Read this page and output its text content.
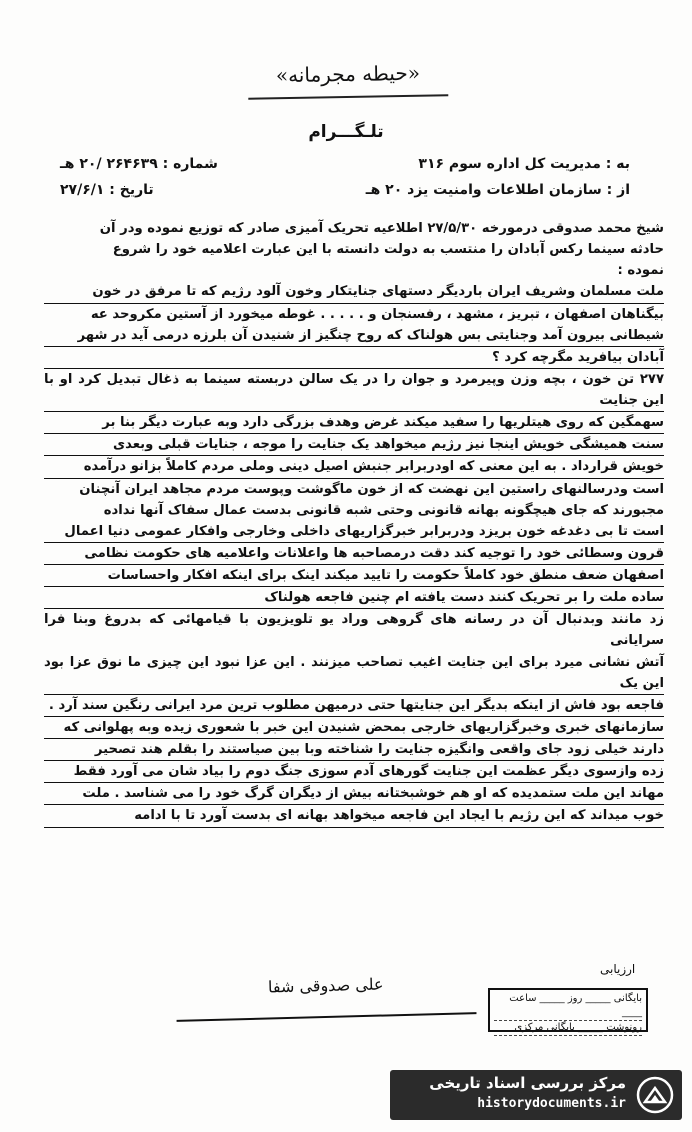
«حیطه مجرمانه»
تلـگـــرام
به : مدیریت کل اداره سوم ۳۱۶
شماره : ۲۶۴۶۳۹ /۲۰ هـ
از : سازمان اطلاعات وامنیت یزد ۲۰ هـ
تاریخ : ۲۷/۶/۱

شیخ محمد صدوقی درمورخه ۲۷/۵/۳۰ اطلاعیه تحریک آمیزی صادر که توزیع نموده ودر آن

حادثه سینما رکس آبادان را منتسب به دولت دانسته با این عبارت اعلامیه خود را شروع

نموده :

ملت مسلمان وشریف ایران باردیگر دستهای جنایتکار وخون آلود رژیم که تا مرفق در خون

بیگناهان اصفهان ، تبریز ، مشهد ، رفسنجان و . . . . . غوطه میخورد از آستین مکروحد عه

شیطانی بیرون آمد وجنایتی بس هولناک که روح چنگیز از شنیدن آن بلرزه درمی آید در شهر

آبادان بیافرید مگرچه کرد ؟

۲۷۷ تن خون ، بچه وزن وپیرمرد و جوان را در یک سالن دربسته سینما به ذغال تبدیل کرد او با این جنایت

سهمگین که روی هیتلریها را سفید میکند غرض وهدف بزرگی دارد وبه عبارت دیگر بنا بر

سنت همیشگی خویش اینجا نیز رژیم میخواهد یک جنایت را موجه ، جنایات قبلی وبعدی

خویش قرارداد . به این معنی که اودربرابر جنبش اصیل دینی وملی مردم کاملاً بزانو درآمده

است ودرسالنهای راستین این نهضت که از خون ماگوشت وپوست مردم مجاهد ایران آنچنان

مجبورند که جای هیچگونه بهانه قانونی وحتی شبه قانونی بدست عمال سفاک آنها نداده

است تا بی دغدغه خون بریزد ودربرابر خبرگزاریهای داخلی وخارجی وافکار عمومی دنیا اعمال

قرون وسطائی خود را توجیه کند دقت درمصاحبه ها واعلانات واعلامیه های حکومت نظامی

اصفهان ضعف منطق خود کاملاً حکومت را تایید میکند اینک برای اینکه افکار واحساسات

ساده ملت را بر تحریک کنند دست یافته ام چنین فاجعه هولناک

زد مانند وبدنبال آن در رسانه های گروهی وراد یو تلویزیون با قیامهائی که بدروغ وبنا فرا سرایانی

آتش نشانی میرد برای این جنایت اغیب تصاحب میزنند . این عزا نبود این چیزی ما نوق عزا بود این یک

فاجعه بود فاش از اینکه بدیگر این جنایتها حتی درمیهن مطلوب ترین مرد ایرانی رنگین سند آرد .

سازمانهای خبری وخبرگزاریهای خارجی بمحض شنیدن این خبر با شعوری زیده وبه پهلوانی که

دارند خیلی زود جای واقعی وانگیزه جنایت را شناخته وبا بین صیاستند را بقلم هند تصحیر

زده وازسوی دیگر عظمت این جنایت گورهای آدم سوزی جنگ دوم را بیاد شان می آورد فقط

مهاند این ملت ستمدیده که او هم خوشبختانه بیش از دیگران گرگ خود را می شناسد . ملت

خوب میداند که این رژیم با ایجاد این فاجعه میخواهد بهانه ای بدست آورد تا با ادامه

ارزیابی
علی صدوقی شفا
بایگانی _____ روز _____ ساعت ____
رونوشت _____ بایگانی مرکزی
مرکز بررسی اسناد تاریخی
historydocuments.ir
